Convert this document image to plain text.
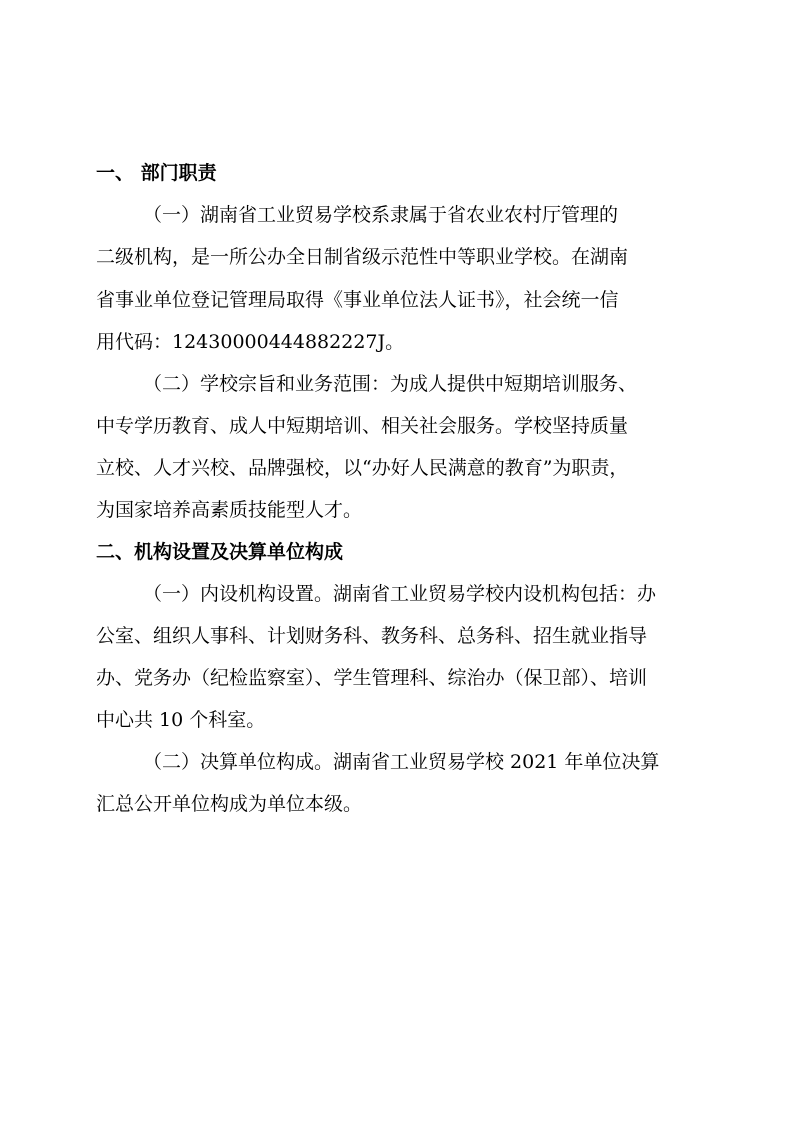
一、 部门职责
（一）湖南省工业贸易学校系隶属于省农业农村厅管理的
二级机构，是一所公办全日制省级示范性中等职业学校。在湖南
省事业单位登记管理局取得《事业单位法人证书》，社会统一信
用代码：12430000444882227J。
（二）学校宗旨和业务范围：为成人提供中短期培训服务、
中专学历教育、成人中短期培训、相关社会服务。学校坚持质量
立校、人才兴校、品牌强校，以“办好人民满意的教育”为职责，
为国家培养高素质技能型人才。
二、机构设置及决算单位构成
（一）内设机构设置。湖南省工业贸易学校内设机构包括：办
公室、组织人事科、计划财务科、教务科、总务科、招生就业指导
办、党务办（纪检监察室）、学生管理科、综治办（保卫部）、培训
中心共 10 个科室。
（二）决算单位构成。湖南省工业贸易学校 2021 年单位决算
汇总公开单位构成为单位本级。
